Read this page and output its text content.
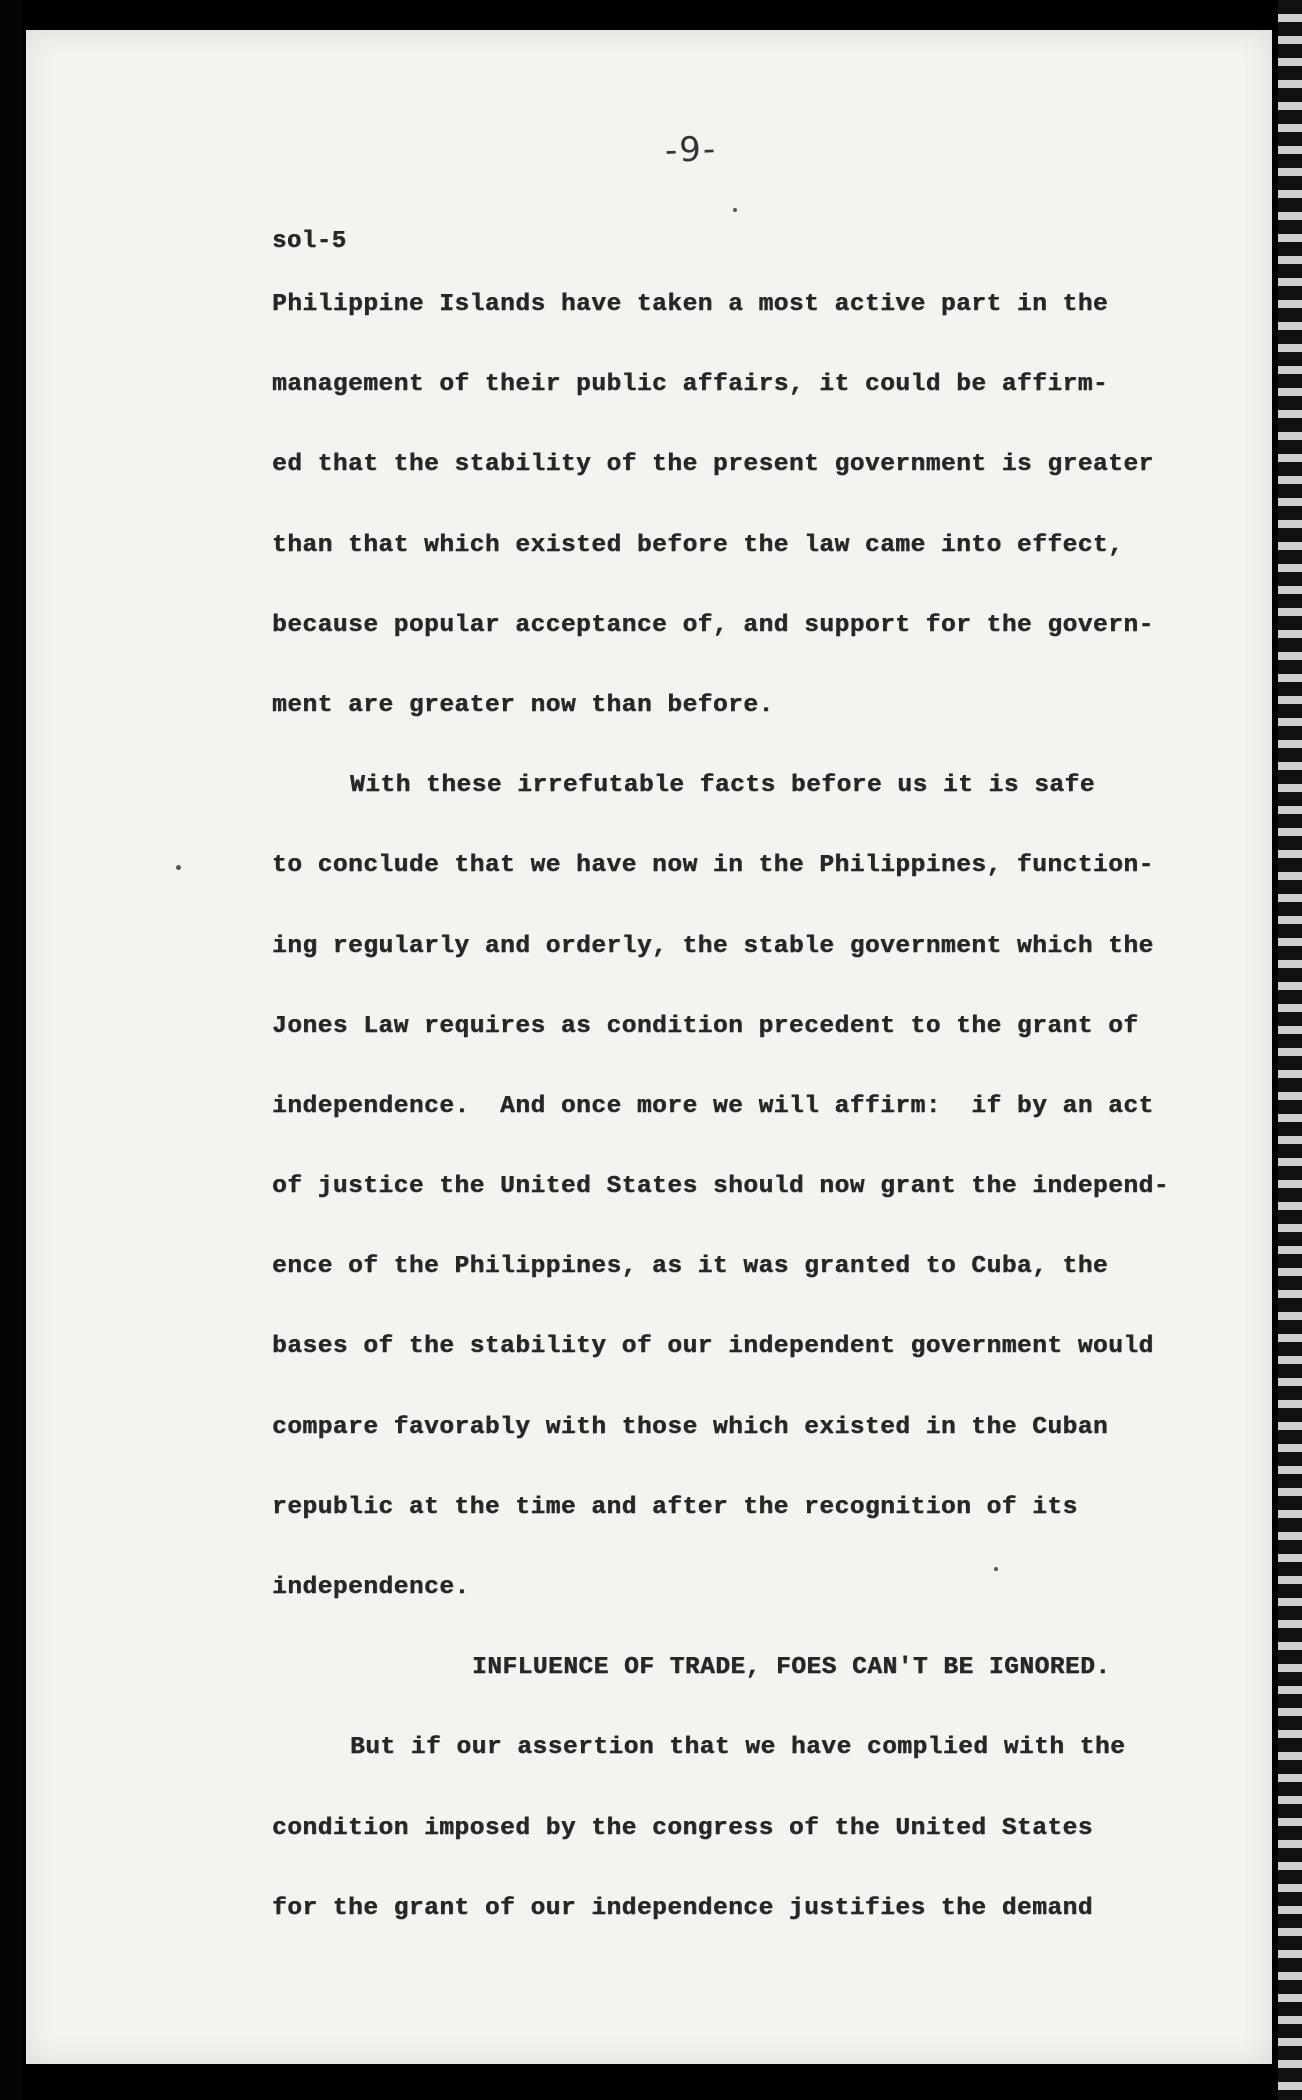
-9-
sol-5
Philippine Islands have taken a most active part in the
management of their public affairs, it could be affirm-
ed that the stability of the present government is greater
than that which existed before the law came into effect,
because popular acceptance of, and support for the govern-
ment are greater now than before.
With these irrefutable facts before us it is safe
to conclude that we have now in the Philippines, function-
ing regularly and orderly, the stable government which the
Jones Law requires as condition precedent to the grant of
independence.  And once more we will affirm:  if by an act
of justice the United States should now grant the independ-
ence of the Philippines, as it was granted to Cuba, the
bases of the stability of our independent government would
compare favorably with those which existed in the Cuban
republic at the time and after the recognition of its
independence.
INFLUENCE OF TRADE, FOES CAN'T BE IGNORED.
But if our assertion that we have complied with the
condition imposed by the congress of the United States
for the grant of our independence justifies the demand
